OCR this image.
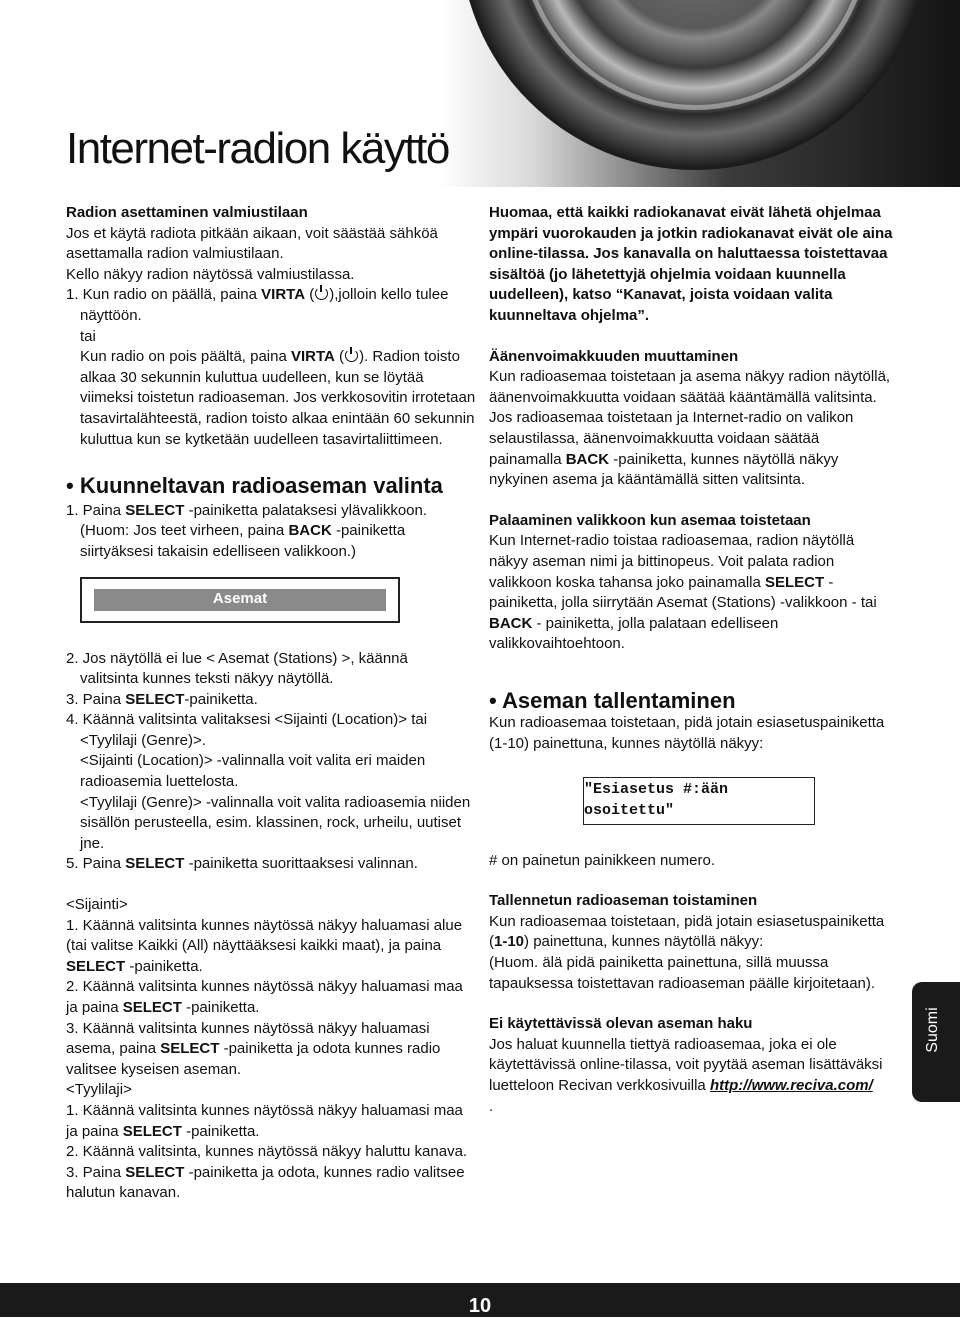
Internet-radion käyttö

Radion asettaminen valmiustilaan

Jos et käytä radiota pitkään aikaan, voit säästää sähköä asettamalla radion valmiustilaan.

Kello näkyy radion näytössä valmiustilassa.

1. Kun radio on päällä, paina VIRTA ( ),jolloin kello tulee

näyttöön.

tai

Kun radio on pois päältä, paina VIRTA ( ). Radion toisto alkaa 30 sekunnin kuluttua uudelleen, kun se löytää viimeksi toistetun radioaseman. Jos verkkosovitin irrotetaan tasavirtalähteestä, radion toisto alkaa enintään 60 sekunnin kuluttua kun se kytketään uudelleen tasavirtaliittimeen.

• Kuunneltavan radioaseman valinta

1. Paina SELECT -painiketta palataksesi ylävalikkoon.

(Huom: Jos teet virheen, paina BACK -painiketta siirtyäksesi takaisin edelliseen valikkoon.)

Asemat

2. Jos näytöllä ei lue < Asemat (Stations) >, käännä

valitsinta kunnes teksti näkyy näytöllä.

3. Paina SELECT-painiketta.

4. Käännä valitsinta valitaksesi <Sijainti (Location)> tai

<Tyylilaji (Genre)>.

<Sijainti (Location)> -valinnalla voit valita eri maiden radioasemia luettelosta.

<Tyylilaji (Genre)> -valinnalla voit valita radioasemia niiden sisällön perusteella, esim. klassinen, rock, urheilu, uutiset jne.

5. Paina SELECT -painiketta suorittaaksesi valinnan.

<Sijainti>

1. Käännä valitsinta kunnes näytössä näkyy haluamasi alue (tai valitse Kaikki (All) näyttääksesi kaikki maat), ja paina SELECT -painiketta.

2. Käännä valitsinta kunnes näytössä näkyy haluamasi maa ja paina SELECT -painiketta.

3. Käännä valitsinta kunnes näytössä näkyy haluamasi asema, paina SELECT -painiketta ja odota kunnes radio valitsee kyseisen aseman.

<Tyylilaji>

1. Käännä valitsinta kunnes näytössä näkyy haluamasi maa ja paina SELECT -painiketta.

2. Käännä valitsinta, kunnes näytössä näkyy haluttu kanava.

3. Paina SELECT -painiketta ja odota, kunnes radio valitsee halutun kanavan.

Huomaa, että kaikki radiokanavat eivät lähetä ohjelmaa ympäri vuorokauden ja jotkin radiokanavat eivät ole aina online-tilassa. Jos kanavalla on haluttaessa toistettavaa sisältöä (jo lähetettyjä ohjelmia voidaan kuunnella uudelleen), katso “Kanavat, joista voidaan valita kuunneltava ohjelma”.

Äänenvoimakkuuden muuttaminen

Kun radioasemaa toistetaan ja asema näkyy radion näytöllä, äänenvoimakkuutta voidaan säätää kääntämällä valitsinta. Jos radioasemaa toistetaan ja Internet-radio on valikon selaustilassa, äänenvoimakkuutta voidaan säätää painamalla BACK -painiketta, kunnes näytöllä näkyy nykyinen asema ja kääntämällä sitten valitsinta.

Palaaminen valikkoon kun asemaa toistetaan

Kun Internet-radio toistaa radioasemaa, radion näytöllä näkyy aseman nimi ja bittinopeus. Voit palata radion valikkoon koska tahansa joko painamalla SELECT -painiketta, jolla siirrytään Asemat (Stations) -valikkoon - tai BACK - painiketta, jolla palataan edelliseen valikkovaihtoehtoon.

• Aseman tallentaminen

Kun radioasemaa toistetaan, pidä jotain esiasetuspainiketta (1-10) painettuna, kunnes näytöllä näkyy:

"Esiasetus #:ään osoitettu"

# on painetun painikkeen numero.

Tallennetun radioaseman toistaminen

Kun radioasemaa toistetaan, pidä jotain esiasetuspainiketta (1-10) painettuna, kunnes näytöllä näkyy:

(Huom. älä pidä painiketta painettuna, sillä muussa tapauksessa toistettavan radioaseman päälle kirjoitetaan).

Ei käytettävissä olevan aseman haku

Jos haluat kuunnella tiettyä radioasemaa, joka ei ole käytettävissä online-tilassa, voit pyytää aseman lisättäväksi luetteloon Recivan verkkosivuilla http://www.reciva.com/

.

Suomi
10
